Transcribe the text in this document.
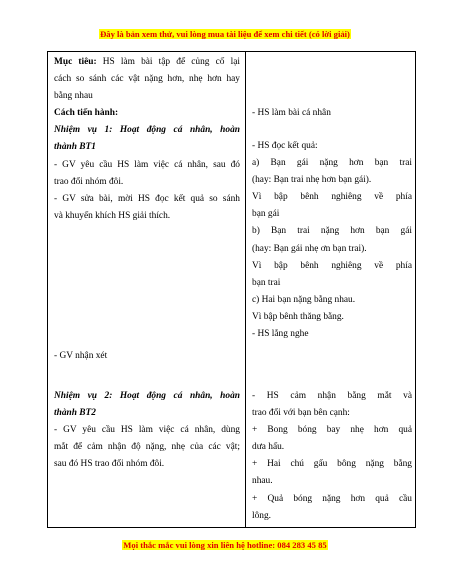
Đây là bản xem thử, vui lòng mua tài liệu để xem chi tiết (có lời giải)
Mục tiêu: HS làm bài tập để củng cố lại
cách so sánh các vật nặng hơn, nhẹ hơn hay
bằng nhau
Cách tiến hành:
Nhiệm vụ 1: Hoạt động cá nhân, hoàn
thành BT1
- GV yêu cầu HS làm việc cá nhân, sau đó
trao đổi nhóm đôi.
- GV sửa bài, mời HS đọc kết quả so sánh
và khuyến khích HS giải thích.
- GV nhận xét
Nhiệm vụ 2: Hoạt động cá nhân, hoàn
thành BT2
- GV yêu cầu HS làm việc cá nhân, dùng
mắt để cảm nhận độ nặng, nhẹ của các vật;
sau đó HS trao đổi nhóm đôi.
- HS làm bài cá nhân
- HS đọc kết quả:
a) Bạn gái nặng hơn bạn trai
(hay: Bạn trai nhẹ hơn bạn gái).
Vì bập bênh nghiêng về phía
bạn gái
b) Bạn trai nặng hơn bạn gái
(hay: Bạn gái nhẹ ơn bạn trai).
Vì bập bênh nghiêng về phía
bạn trai
c) Hai bạn nặng bằng nhau.
Vì bập bênh thăng bằng.
- HS lắng nghe
- HS cảm nhận bằng mắt và
trao đổi với bạn bên cạnh:
+ Bong bóng bay nhẹ hơn quả
dưa hấu.
+ Hai chú gấu bông nặng bằng
nhau.
+ Quả bóng nặng hơn quả cầu
lông.
Mọi thắc mắc vui lòng xin liên hệ hotline: 084 283 45 85
